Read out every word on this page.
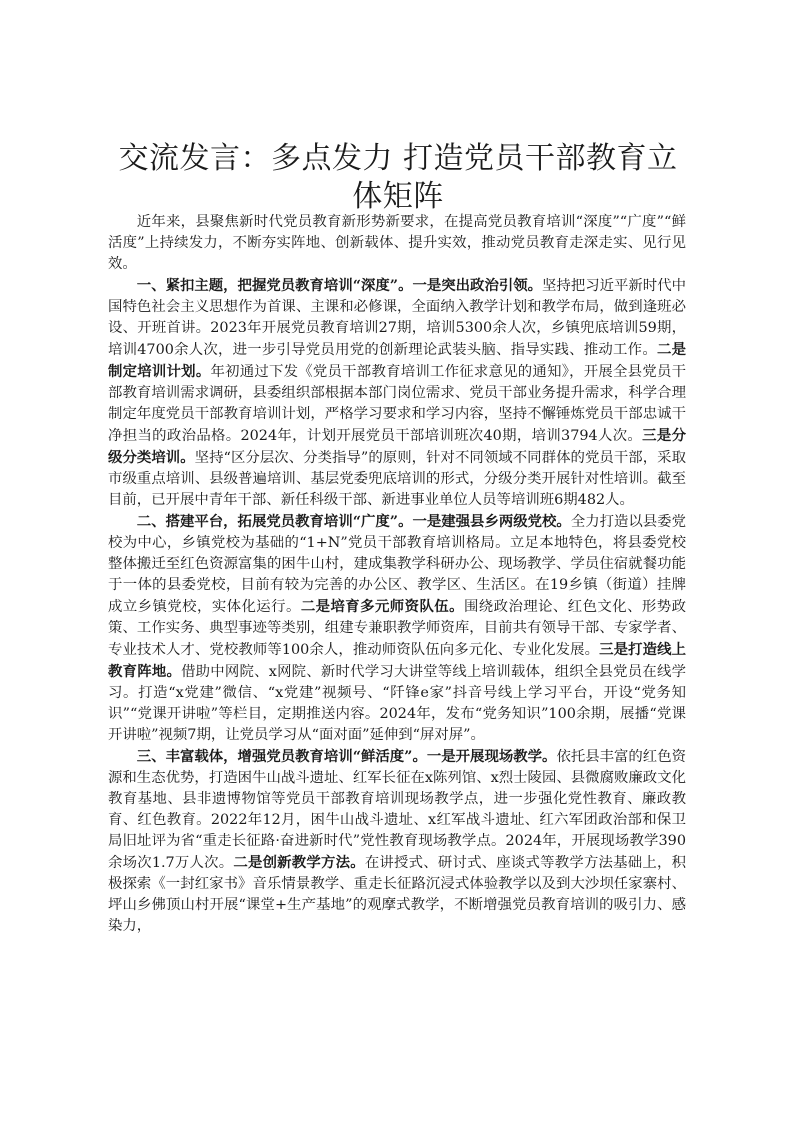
交流发言：多点发力 打造党员干部教育立体矩阵

近年来，县聚焦新时代党员教育新形势新要求，在提高党员教育培训“深度”“广度”“鲜活度”上持续发力，不断夯实阵地、创新载体、提升实效，推动党员教育走深走实、见行见效。

一、紧扣主题，把握党员教育培训“深度”。一是突出政治引领。坚持把习近平新时代中国特色社会主义思想作为首课、主课和必修课，全面纳入教学计划和教学布局，做到逢班必设、开班首讲。2023年开展党员教育培训27期，培训5300余人次，乡镇兜底培训59期，培训4700余人次，进一步引导党员用党的创新理论武装头脑、指导实践、推动工作。二是制定培训计划。年初通过下发《党员干部教育培训工作征求意见的通知》，开展全县党员干部教育培训需求调研，县委组织部根据本部门岗位需求、党员干部业务提升需求，科学合理制定年度党员干部教育培训计划，严格学习要求和学习内容，坚持不懈锤炼党员干部忠诚干净担当的政治品格。2024年，计划开展党员干部培训班次40期，培训3794人次。三是分级分类培训。坚持“区分层次、分类指导”的原则，针对不同领域不同群体的党员干部，采取市级重点培训、县级普遍培训、基层党委兜底培训的形式，分级分类开展针对性培训。截至目前，已开展中青年干部、新任科级干部、新进事业单位人员等培训班6期482人。

二、搭建平台，拓展党员教育培训“广度”。一是建强县乡两级党校。全力打造以县委党校为中心，乡镇党校为基础的“1+N”党员干部教育培训格局。立足本地特色，将县委党校整体搬迁至红色资源富集的困牛山村，建成集教学科研办公、现场教学、学员住宿就餐功能于一体的县委党校，目前有较为完善的办公区、教学区、生活区。在19乡镇（街道）挂牌成立乡镇党校，实体化运行。二是培育多元师资队伍。围绕政治理论、红色文化、形势政策、工作实务、典型事迹等类别，组建专兼职教学师资库，目前共有领导干部、专家学者、专业技术人才、党校教师等100余人，推动师资队伍向多元化、专业化发展。三是打造线上教育阵地。借助中网院、x网院、新时代学习大讲堂等线上培训载体，组织全县党员在线学习。打造“x党建”微信、“x党建”视频号、“阡锋e家”抖音号线上学习平台，开设“党务知识”“党课开讲啦”等栏目，定期推送内容。2024年，发布“党务知识”100余期，展播“党课开讲啦”视频7期，让党员学习从“面对面”延伸到“屏对屏”。

三、丰富载体，增强党员教育培训“鲜活度”。一是开展现场教学。依托县丰富的红色资源和生态优势，打造困牛山战斗遗址、红军长征在x陈列馆、x烈士陵园、县微腐败廉政文化教育基地、县非遗博物馆等党员干部教育培训现场教学点，进一步强化党性教育、廉政教育、红色教育。2022年12月，困牛山战斗遗址、x红军战斗遗址、红六军团政治部和保卫局旧址评为省“重走长征路·奋进新时代”党性教育现场教学点。2024年，开展现场教学390余场次1.7万人次。二是创新教学方法。在讲授式、研讨式、座谈式等教学方法基础上，积极探索《一封红家书》音乐情景教学、重走长征路沉浸式体验教学以及到大沙坝任家寨村、坪山乡佛顶山村开展“课堂+生产基地”的观摩式教学，不断增强党员教育培训的吸引力、感染力，
